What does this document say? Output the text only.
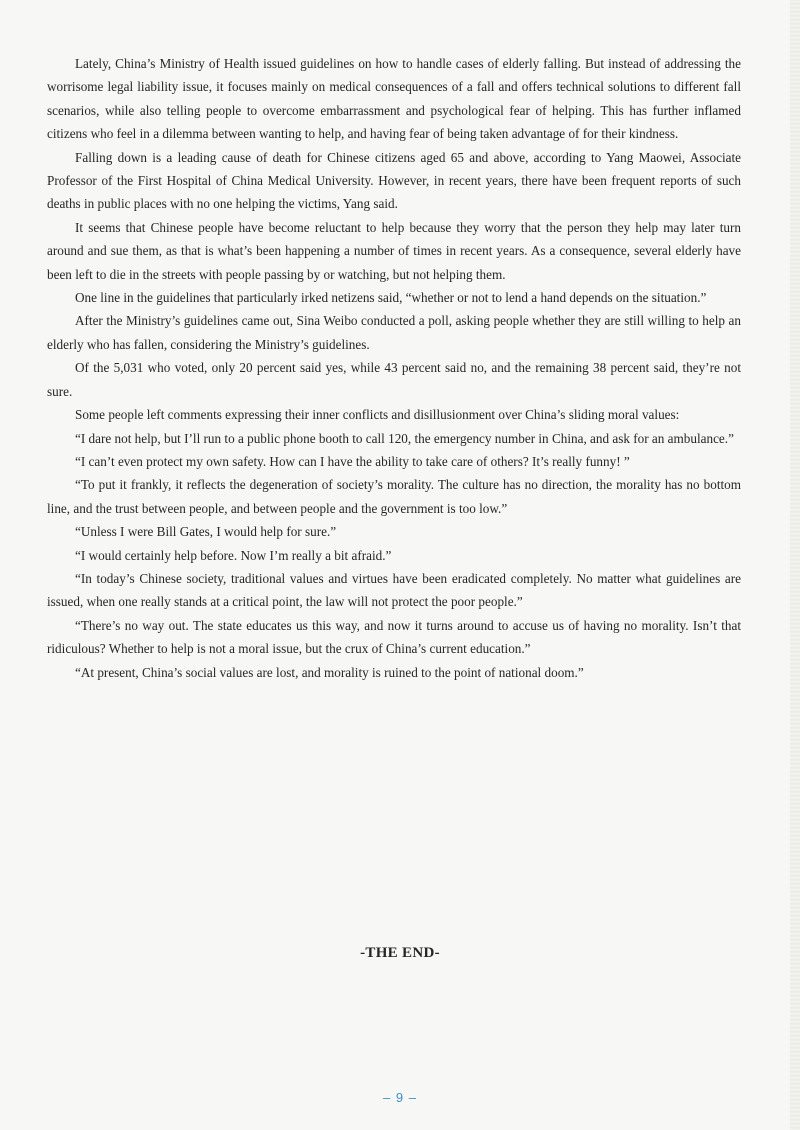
Lately, China’s Ministry of Health issued guidelines on how to handle cases of elderly falling. But instead of addressing the worrisome legal liability issue, it focuses mainly on medical consequences of a fall and offers technical solutions to different fall scenarios, while also telling people to overcome embarrassment and psychological fear of helping. This has further inflamed citizens who feel in a dilemma between wanting to help, and having fear of being taken advantage of for their kindness.

Falling down is a leading cause of death for Chinese citizens aged 65 and above, according to Yang Maowei, Associate Professor of the First Hospital of China Medical University. However, in recent years, there have been frequent reports of such deaths in public places with no one helping the victims, Yang said.

It seems that Chinese people have become reluctant to help because they worry that the person they help may later turn around and sue them, as that is what’s been happening a number of times in recent years. As a consequence, several elderly have been left to die in the streets with people passing by or watching, but not helping them.

One line in the guidelines that particularly irked netizens said, “whether or not to lend a hand depends on the situation.”

After the Ministry’s guidelines came out, Sina Weibo conducted a poll, asking people whether they are still willing to help an elderly who has fallen, considering the Ministry’s guidelines.

Of the 5,031 who voted, only 20 percent said yes, while 43 percent said no, and the remaining 38 percent said, they’re not sure.

Some people left comments expressing their inner conflicts and disillusionment over China’s sliding moral values:

“I dare not help, but I’ll run to a public phone booth to call 120, the emergency number in China, and ask for an ambulance.”

“I can’t even protect my own safety. How can I have the ability to take care of others? It’s really funny! ”

“To put it frankly, it reflects the degeneration of society’s morality. The culture has no direction, the morality has no bottom line, and the trust between people, and between people and the government is too low.”

“Unless I were Bill Gates, I would help for sure.”

“I would certainly help before. Now I’m really a bit afraid.”

“In today’s Chinese society, traditional values and virtues have been eradicated completely. No matter what guidelines are issued, when one really stands at a critical point, the law will not protect the poor people.”

“There’s no way out. The state educates us this way, and now it turns around to accuse us of having no morality. Isn’t that ridiculous? Whether to help is not a moral issue, but the crux of China’s current education.”

“At present, China’s social values are lost, and morality is ruined to the point of national doom.”

-THE END-
– 9 –
